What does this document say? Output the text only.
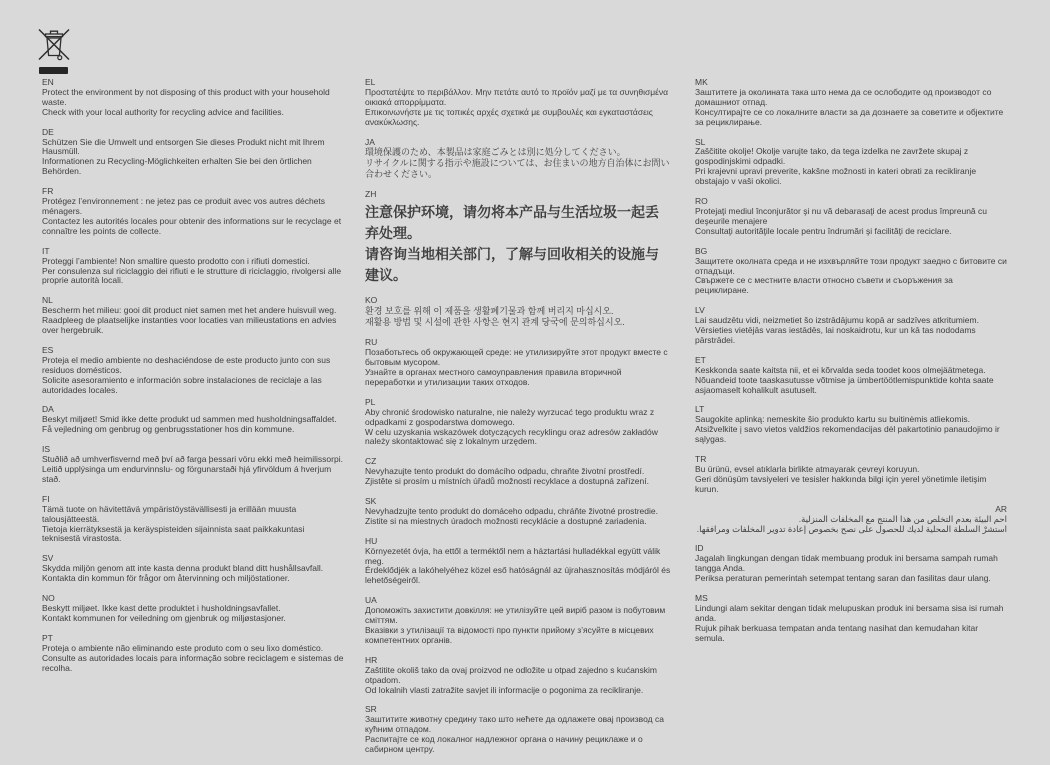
EN
Protect the environment by not disposing of this product with your household waste.
Check with your local authority for recycling advice and facilities.
DE
Schützen Sie die Umwelt und entsorgen Sie dieses Produkt nicht mit Ihrem Hausmüll.
Informationen zu Recycling-Möglichkeiten erhalten Sie bei den örtlichen Behörden.
FR
Protégez l’environnement : ne jetez pas ce produit avec vos autres déchets ménagers.
Contactez les autorités locales pour obtenir des informations sur le recyclage et connaître les points de collecte.
IT
Proteggi l’ambiente! Non smaltire questo prodotto con i rifiuti domestici.
Per consulenza sul riciclaggio dei rifiuti e le strutture di riciclaggio, rivolgersi alle proprie autorità locali.
NL
Bescherm het milieu: gooi dit product niet samen met het andere huisvuil weg.
Raadpleeg de plaatselijke instanties voor locaties van milieustations en advies over hergebruik.
ES
Proteja el medio ambiente no deshaciéndose de este producto junto con sus residuos domésticos.
Solicite asesoramiento e información sobre instalaciones de reciclaje a las autoridades locales.
DA
Beskyt miljøet! Smid ikke dette produkt ud sammen med husholdningsaffaldet.
Få vejledning om genbrug og genbrugsstationer hos din kommune.
IS
Stuðlið að umhverfisvernd með því að farga þessari vöru ekki með heimilissorpi.
Leitið upplýsinga um endurvinnslu- og förgunarstaði hjá yfirvöldum á hverjum stað.
FI
Tämä tuote on hävitettävä ympäristöystävällisesti ja erillään muusta talousjätteestä.
Tietoja kierrätyksestä ja keräyspisteiden sijainnista saat paikkakuntasi teknisestä virastosta.
SV
Skydda miljön genom att inte kasta denna produkt bland ditt hushållsavfall.
Kontakta din kommun för frågor om återvinning och miljöstationer.
NO
Beskytt miljøet. Ikke kast dette produktet i husholdningsavfallet.
Kontakt kommunen for veiledning om gjenbruk og miljøstasjoner.
PT
Proteja o ambiente não eliminando este produto com o seu lixo doméstico.
Consulte as autoridades locais para informação sobre reciclagem e sistemas de recolha.
EL
Προστατέψτε το περιβάλλον. Μην πετάτε αυτό το προϊόν μαζί με τα συνηθισμένα οικιακά απορρίμματα.
Επικοινωνήστε με τις τοπικές αρχές σχετικά με συμβουλές και εγκαταστάσεις ανακύκλωσης.
JA
環境保護のため、本製品は家庭ごみとは別に処分してください。
リサイクルに関する指示や施設については、お住まいの地方自治体にお問い合わせください。
ZH
注意保护环境，请勿将本产品与生活垃圾一起丢弃处理。
请咨询当地相关部门，了解与回收相关的设施与建议。
KO
환경 보호를 위해 이 제품을 생활폐기물과 함께 버리지 마십시오.
재활용 방법 및 시설에 관한 사항은 현지 관계 당국에 문의하십시오.
RU
Позаботьтесь об окружающей среде: не утилизируйте этот продукт вместе с бытовым мусором.
Узнайте в органах местного самоуправления правила вторичной переработки и утилизации таких отходов.
PL
Aby chronić środowisko naturalne, nie należy wyrzucać tego produktu wraz z odpadkami z gospodarstwa domowego.
W celu uzyskania wskazówek dotyczących recyklingu oraz adresów zakładów należy skontaktować się z lokalnym urzędem.
CZ
Nevyhazujte tento produkt do domácího odpadu, chraňte životní prostředí.
Zjistěte si prosím u místních úřadů možnosti recyklace a dostupná zařízení.
SK
Nevyhadzujte tento produkt do domáceho odpadu, chráňte životné prostredie.
Zistite si na miestnych úradoch možnosti recyklácie a dostupné zariadenia.
HU
Környezetét óvja, ha ettől a terméktől nem a háztartási hulladékkal együtt válik meg.
Érdeklődjék a lakóhelyéhez közel eső hatóságnál az újrahasznosítás módjáról és lehetőségeiről.
UA
Допоможіть захистити довкілля: не утилізуйте цей виріб разом із побутовим сміттям.
Вказівки з утилізації та відомості про пункти прийому з’ясуйте в місцевих компетентних органів.
HR
Zaštitite okoliš tako da ovaj proizvod ne odložite u otpad zajedno s kućanskim otpadom.
Od lokalnih vlasti zatražite savjet ili informacije o pogonima za recikliranje.
SR
Заштитите животну средину тако што нећете да одлажете овај производ са кућним отпадом.
Распитајте се код локалног надлежног органа о начину рециклаже и о сабирном центру.
MK
Заштитете ја околината така што нема да се ослободите од производот со домашниот отпад.
Консултирајте се со локалните власти за да дознаете за советите и објектите за рециклирање.
SL
Zaščitite okolje! Okolje varujte tako, da tega izdelka ne zavržete skupaj z gospodinjskimi odpadki.
Pri krajevni upravi preverite, kakšne možnosti in kateri obrati za recikliranje obstajajo v vaši okolici.
RO
Protejaţi mediul înconjurător şi nu vă debarasaţi de acest produs împreună cu deşeurile menajere
Consultaţi autorităţile locale pentru îndrumări şi facilităţi de reciclare.
BG
Защитете околната среда и не изхвърляйте този продукт заедно с битовите си отпадъци.
Свържете се с местните власти относно съвети и съоръжения за рециклиране.
LV
Lai saudzētu vidi, neizmetiet šo izstrādājumu kopā ar sadzīves atkritumiem.
Vērsieties vietējās varas iestādēs, lai noskaidrotu, kur un kā tas nododams pārstrādei.
ET
Keskkonda saate kaitsta nii, et ei kõrvalda seda toodet koos olmejäätmetega.
Nõuandeid toote taaskasutusse võtmise ja ümbertöötlemispunktide kohta saate asjaomaselt kohalikult asutuselt.
LT
Saugokite aplinką: nemeskite šio produkto kartu su buitinėmis atliekomis.
Atsižvelkite į savo vietos valdžios rekomendacijas dėl pakartotinio panaudojimo ir sąlygas.
TR
Bu ürünü, evsel atıklarla birlikte atmayarak çevreyi koruyun.
Geri dönüşüm tavsiyeleri ve tesisler hakkında bilgi için yerel yönetimle iletişim kurun.
AR
احم البيئة بعدم التخلص من هذا المنتج مع المخلفات المنزلية.
استشرْ السلطة المحلية لديك للحصول على نصح بخصوص إعادة تدوير المخلفات ومرافقها.
ID
Jagalah lingkungan dengan tidak membuang produk ini bersama sampah rumah tangga Anda.
Periksa peraturan pemerintah setempat tentang saran dan fasilitas daur ulang.
MS
Lindungi alam sekitar dengan tidak melupuskan produk ini bersama sisa isi rumah anda.
Rujuk pihak berkuasa tempatan anda tentang nasihat dan kemudahan kitar semula.
